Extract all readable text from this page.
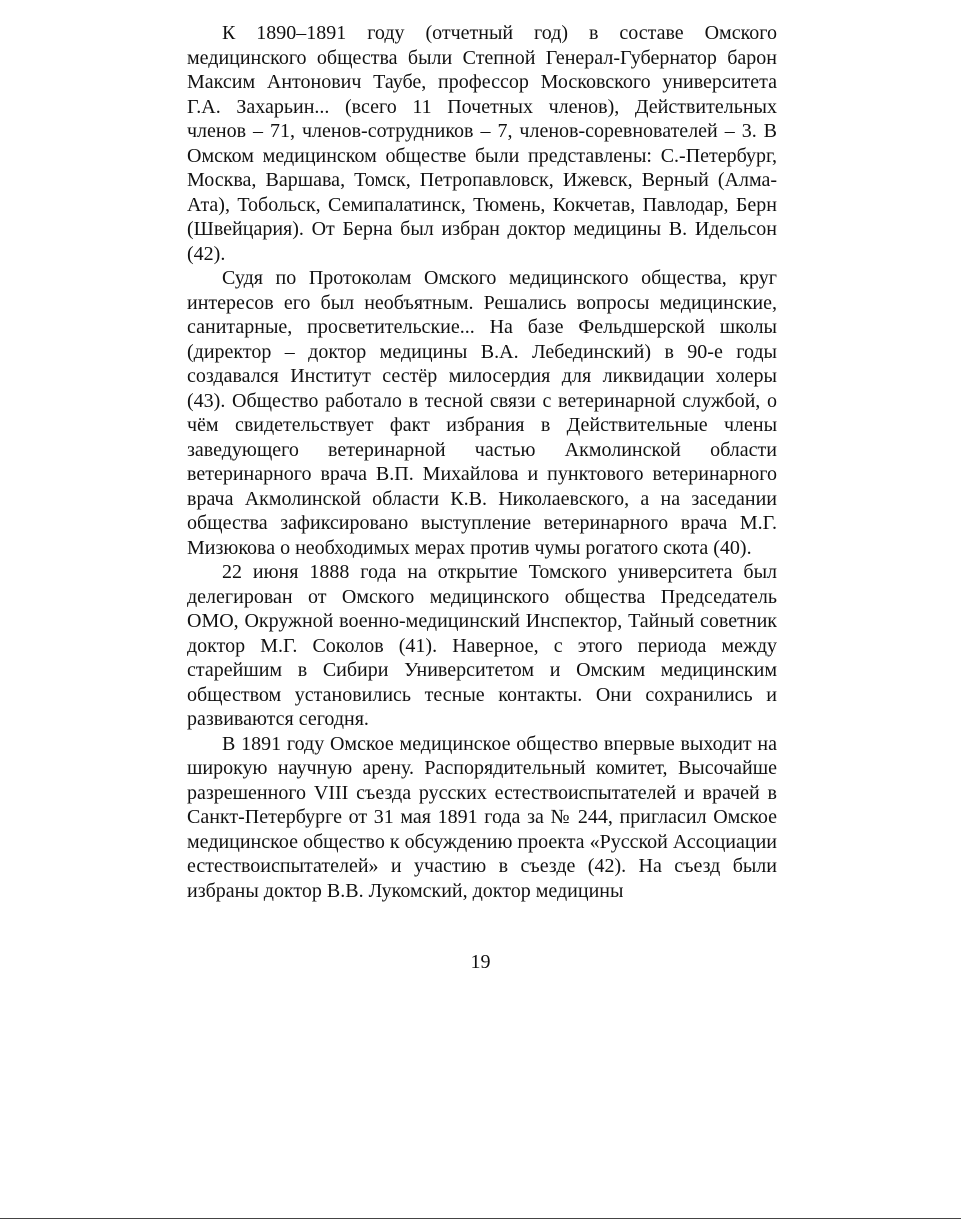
К 1890–1891 году (отчетный год) в составе Омского медицинского общества были Степной Генерал-Губернатор барон Максим Антонович Таубе, профессор Московского университета Г.А. Захарьин... (всего 11 Почетных членов), Действительных членов – 71, членов-сотрудников – 7, членов-соревнователей – 3. В Омском медицинском обществе были представлены: С.-Петербург, Москва, Варшава, Томск, Петропавловск, Ижевск, Верный (Алма-Ата), Тобольск, Семипалатинск, Тюмень, Кокчетав, Павлодар, Берн (Швейцария). От Берна был избран доктор медицины В. Идельсон (42).

Судя по Протоколам Омского медицинского общества, круг интересов его был необъятным. Решались вопросы медицинские, санитарные, просветительские... На базе Фельдшерской школы (директор – доктор медицины В.А. Лебединский) в 90-е годы создавался Институт сестёр милосердия для ликвидации холеры (43). Общество работало в тесной связи с ветеринарной службой, о чём свидетельствует факт избрания в Действительные члены заведующего ветеринарной частью Акмолинской области ветеринарного врача В.П. Михайлова и пунктового ветеринарного врача Акмолинской области К.В. Николаевского, а на заседании общества зафиксировано выступление ветеринарного врача М.Г. Мизюкова о необходимых мерах против чумы рогатого скота (40).

22 июня 1888 года на открытие Томского университета был делегирован от Омского медицинского общества Председатель ОМО, Окружной военно-медицинский Инспектор, Тайный советник доктор М.Г. Соколов (41). Наверное, с этого периода между старейшим в Сибири Университетом и Омским медицинским обществом установились тесные контакты. Они сохранились и развиваются сегодня.

В 1891 году Омское медицинское общество впервые выходит на широкую научную арену. Распорядительный комитет, Высочайше разрешенного VIII съезда русских естествоиспытателей и врачей в Санкт-Петербурге от 31 мая 1891 года за № 244, пригласил Омское медицинское общество к обсуждению проекта «Русской Ассоциации естествоиспытателей» и участию в съезде (42). На съезд были избраны доктор В.В. Лукомский, доктор медицины

19
